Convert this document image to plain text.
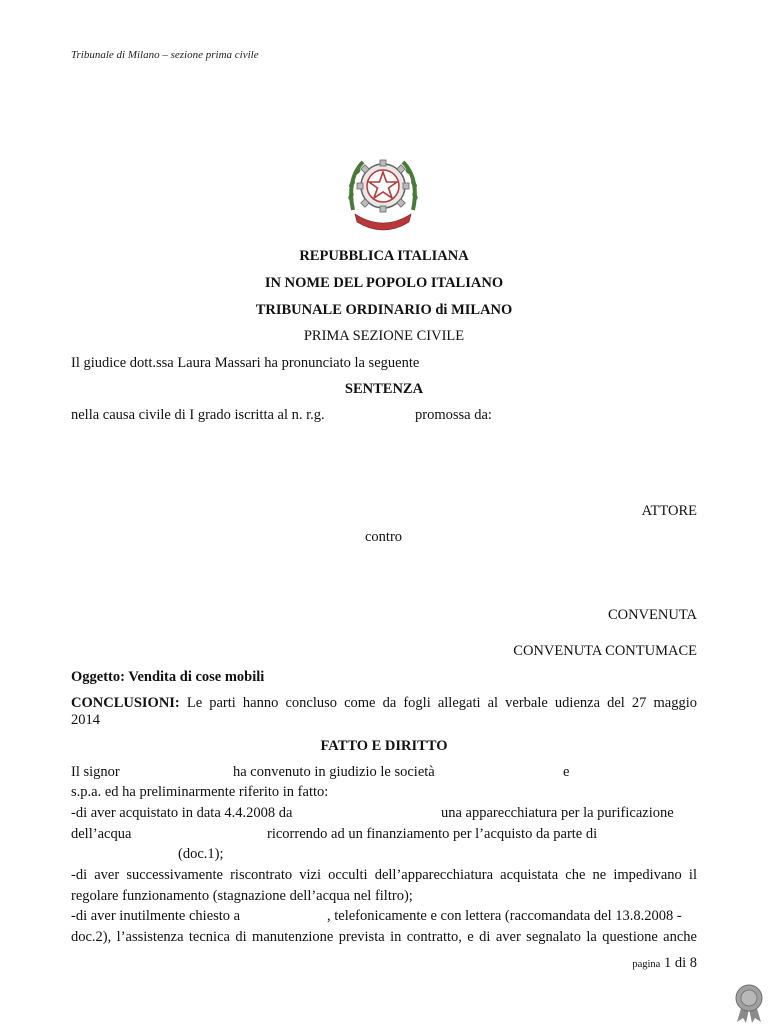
Tribunale di Milano – sezione prima civile
REPUBBLICA ITALIANA
IN NOME DEL POPOLO ITALIANO
TRIBUNALE ORDINARIO di MILANO
PRIMA SEZIONE CIVILE
Il giudice dott.ssa Laura Massari ha pronunciato la seguente
SENTENZA
nella causa civile di I grado iscritta al n. r.g.	promossa da:
ATTORE
contro
CONVENUTA
CONVENUTA CONTUMACE
Oggetto: Vendita di cose mobili
CONCLUSIONI: Le parti hanno concluso come da fogli allegati al verbale udienza del 27 maggio
2014
FATTO E DIRITTO
Il signor	ha convenuto in giudizio le società	e
s.p.a. ed ha preliminarmente riferito in fatto:
-di aver acquistato in data 4.4.2008 da	una apparecchiatura per la purificazione
dell’acqua	ricorrendo ad un finanziamento per l’acquisto da parte di
(doc.1);
-di aver successivamente riscontrato vizi occulti dell’apparecchiatura acquistata che ne impedivano il
regolare funzionamento (stagnazione dell’acqua nel filtro);
-di aver inutilmente chiesto a	, telefonicamente e con lettera (raccomandata del 13.8.2008 -
doc.2), l’assistenza tecnica di manutenzione prevista in contratto, e di aver segnalato la questione anche
pagina 1 di 8
